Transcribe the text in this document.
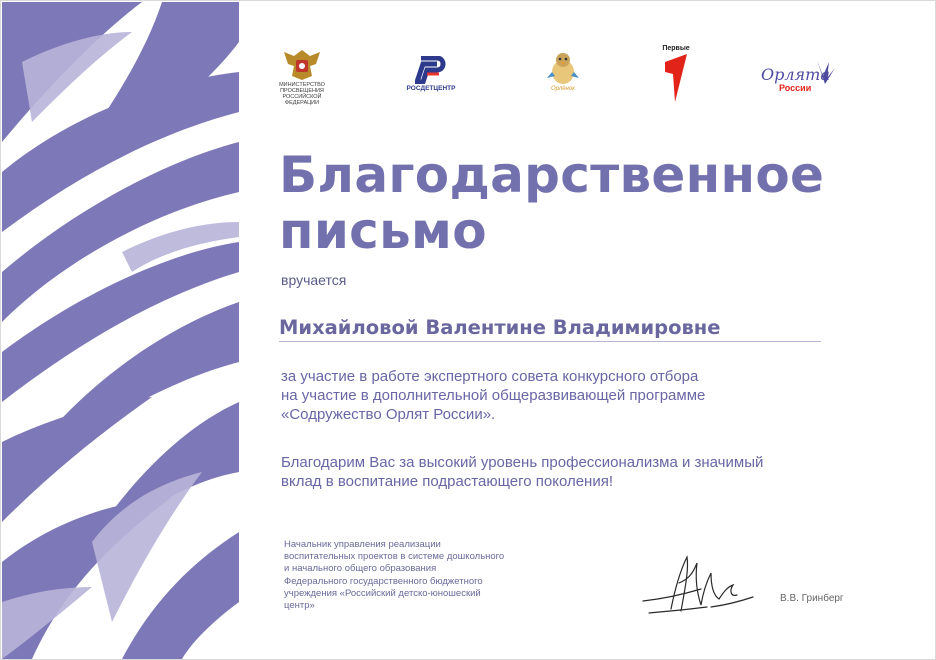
МИНИСТЕРСТВО
ПРОСВЕЩЕНИЯ
РОССИЙСКОЙ
ФЕДЕРАЦИИ
РОСДЕТЦЕНТР	Орлёнок
Первые
Орлята
России
Благодарственное
письмо
вручается
Михайловой Валентине Владимировне
за участие в работе экспертного совета конкурсного отбора
на участие в дополнительной общеразвивающей программе
«Содружество Орлят России».
Благодарим Вас за высокий уровень профессионализма и значимый
вклад в воспитание подрастающего поколения!
Начальник управления реализации
воспитательных проектов в системе дошкольного
и начального общего образования
Федерального государственного бюджетного
учреждения «Российский детско-юношеский
центр»
В.В. Гринберг
